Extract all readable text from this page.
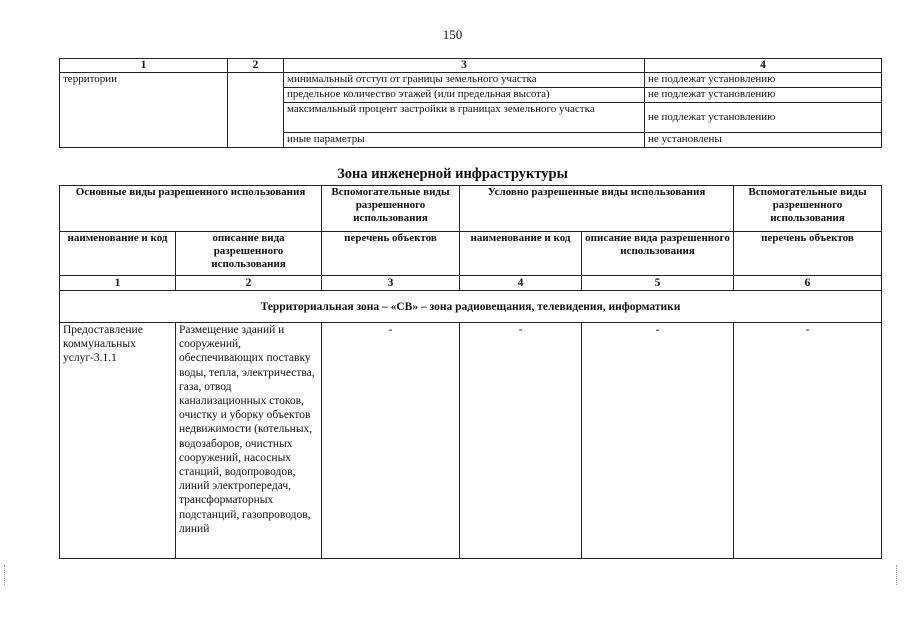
150
1	2	3	4
территории		минимальный отступ от границы земельного участка	не подлежат установлению
		предельное количество этажей (или предельная высота)	не подлежат установлению
		максимальный процент застройки в границах земельного участка	не подлежат установлению
		иные параметры	не установлены
Зона инженерной инфраструктуры
Основные виды разрешенного использования		Вспомогательные виды разрешенного использования	Условно разрешенные виды использования		Вспомогательные виды разрешенного использования
наименование и код	описание вида разрешенного использования	перечень объектов	наименование и код	описание вида разрешенного использования	перечень объектов
1	2	3	4	5	6
Территориальная зона – «СВ» – зона радиовещания, телевидения, информатики					
Предоставление коммунальных услуг-3.1.1	Размещение зданий и сооружений, обеспечивающих поставку воды, тепла, электричества, газа, отвод канализационных стоков, очистку и уборку объектов недвижимости (котельных, водозаборов, очистных сооружений, насосных станций, водопроводов, линий электропередач, трансформаторных подстанций, газопроводов, линий	-	-	-	-
